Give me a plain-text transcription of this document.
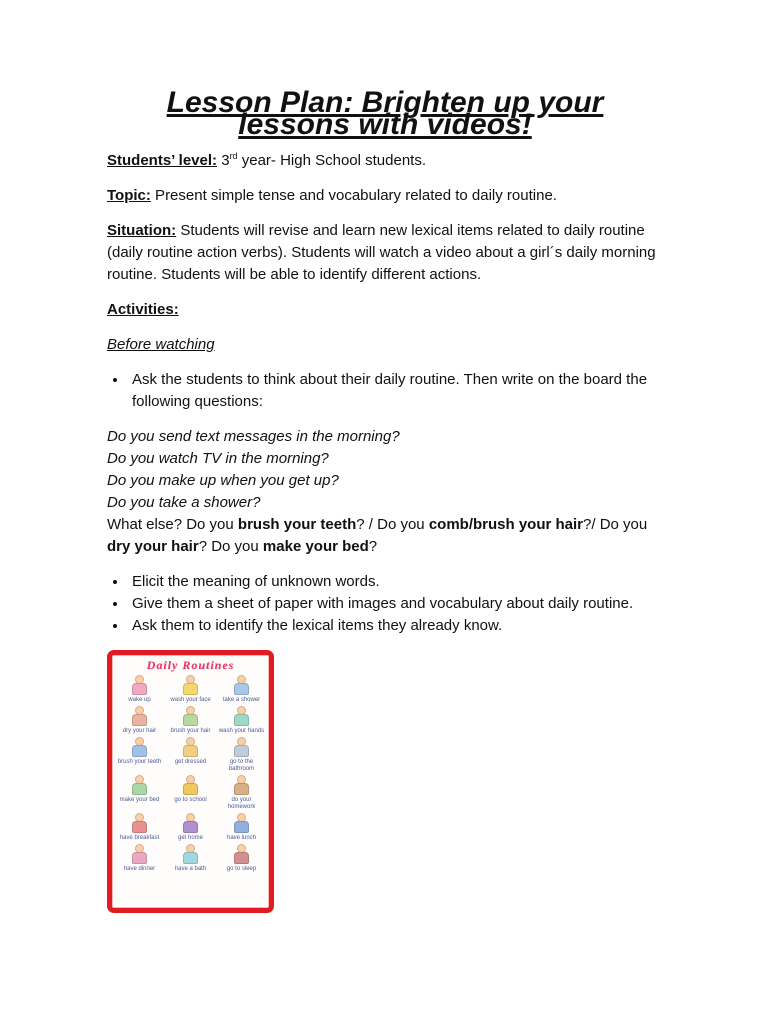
Lesson Plan: Brighten up your lessons with videos!

Students’ level: 3rd year- High School students.

Topic: Present simple tense and vocabulary related to daily routine.

Situation: Students will revise and learn new lexical items related to daily routine (daily routine action verbs). Students will watch a video about a girl´s daily morning routine. Students will be able to identify different actions.

Activities:

Before watching

• Ask the students to think about their daily routine. Then write on the board the following questions:
Do you send text messages in the morning?
Do you watch TV in the morning?
Do you make up when you get up?
Do you take a shower?
What else? Do you brush your teeth? / Do you comb/brush your hair?/ Do you dry your hair? Do you make your bed?
• Elicit the meaning of unknown words.
• Give them a sheet of paper with images and vocabulary about daily routine.
• Ask them to identify the lexical items they already know.
Daily Routines
wake up	wash your face	take a shower
dry your hair	brush your hair	wash your hands
brush your teeth	get dressed	go to the bathroom
make your bed	go to school	do your homework
have breakfast	get home	have lunch
have dinner	have a bath	go to sleep
